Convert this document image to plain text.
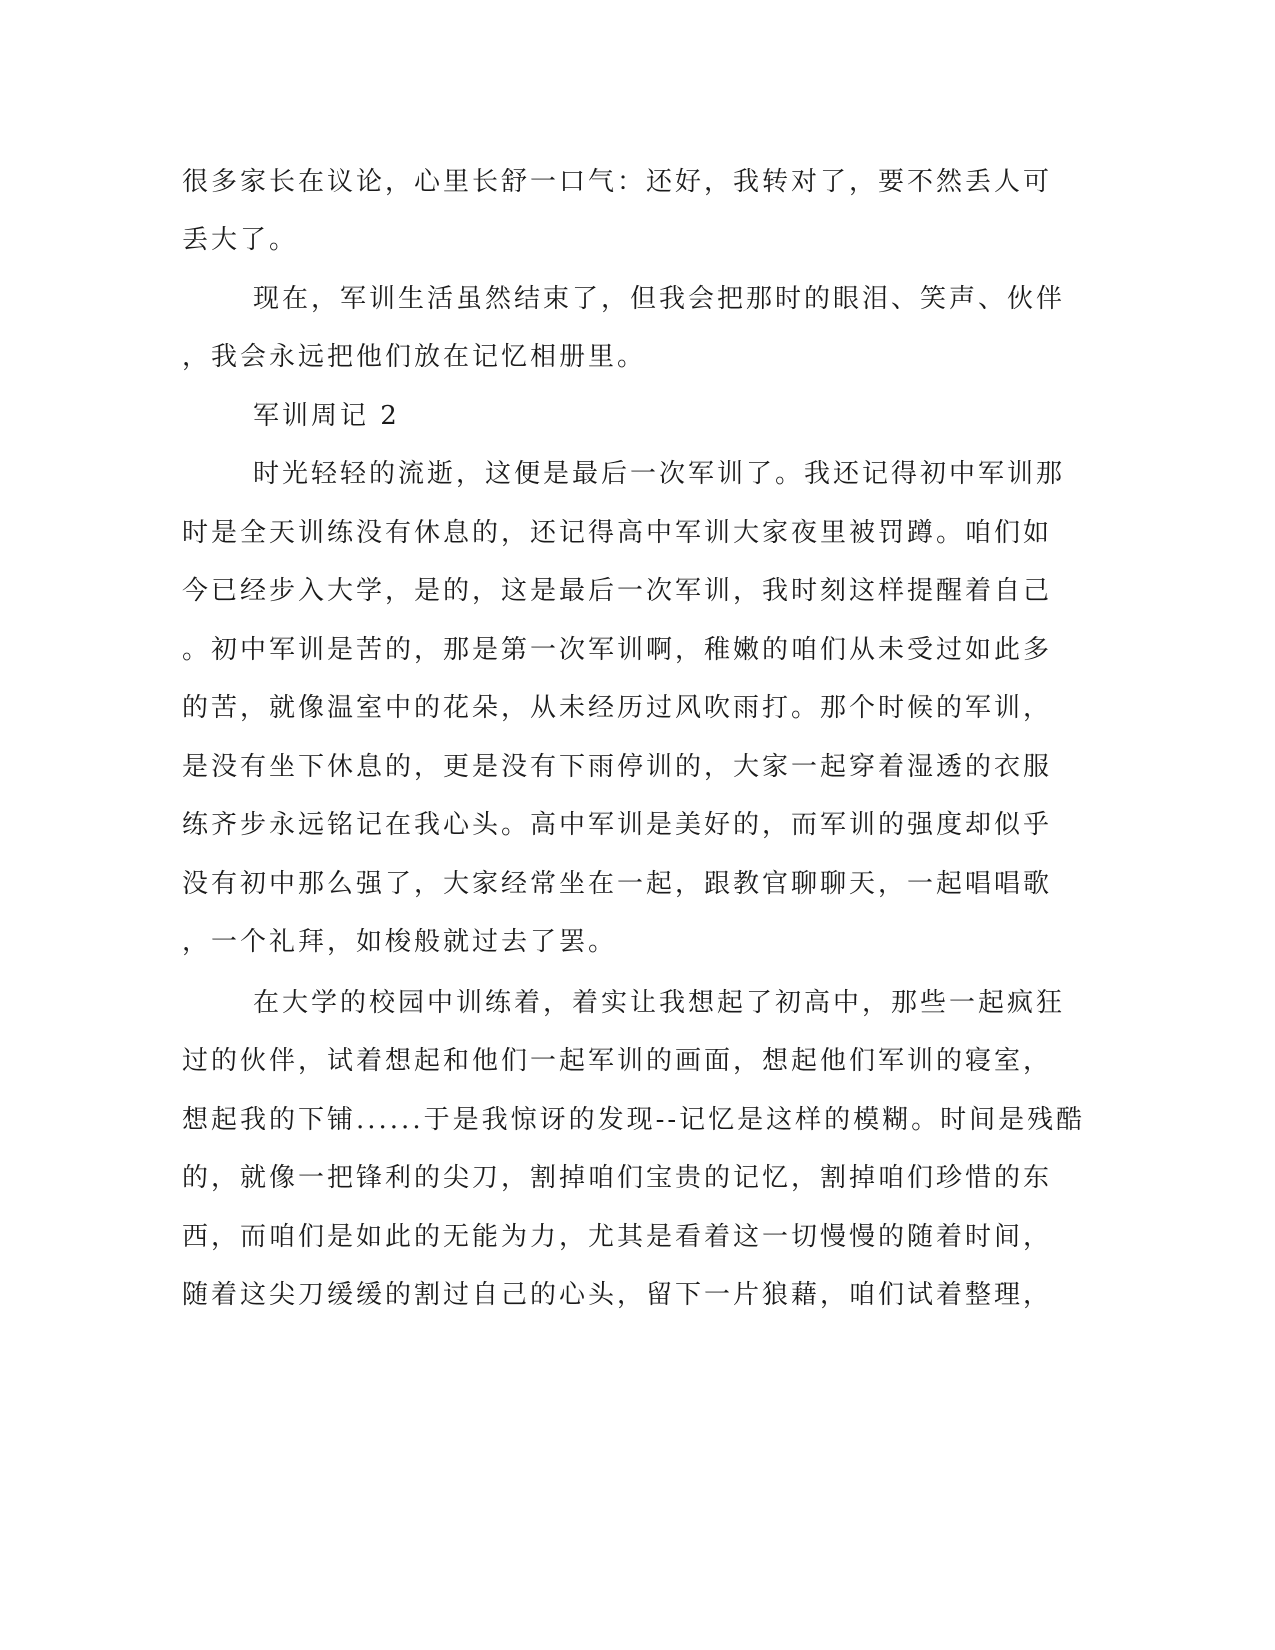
很多家长在议论，心里长舒一口气：还好，我转对了，要不然丢人可

丢大了。

现在，军训生活虽然结束了，但我会把那时的眼泪、笑声、伙伴

，我会永远把他们放在记忆相册里。

军训周记 2

时光轻轻的流逝，这便是最后一次军训了。我还记得初中军训那

时是全天训练没有休息的，还记得高中军训大家夜里被罚蹲。咱们如

今已经步入大学，是的，这是最后一次军训，我时刻这样提醒着自己

。初中军训是苦的，那是第一次军训啊，稚嫩的咱们从未受过如此多

的苦，就像温室中的花朵，从未经历过风吹雨打。那个时候的军训，

是没有坐下休息的，更是没有下雨停训的，大家一起穿着湿透的衣服

练齐步永远铭记在我心头。高中军训是美好的，而军训的强度却似乎

没有初中那么强了，大家经常坐在一起，跟教官聊聊天，一起唱唱歌

，一个礼拜，如梭般就过去了罢。

在大学的校园中训练着，着实让我想起了初高中，那些一起疯狂

过的伙伴，试着想起和他们一起军训的画面，想起他们军训的寝室，

想起我的下铺......于是我惊讶的发现--记忆是这样的模糊。时间是残酷

的，就像一把锋利的尖刀，割掉咱们宝贵的记忆，割掉咱们珍惜的东

西，而咱们是如此的无能为力，尤其是看着这一切慢慢的随着时间，

随着这尖刀缓缓的割过自己的心头，留下一片狼藉，咱们试着整理，
